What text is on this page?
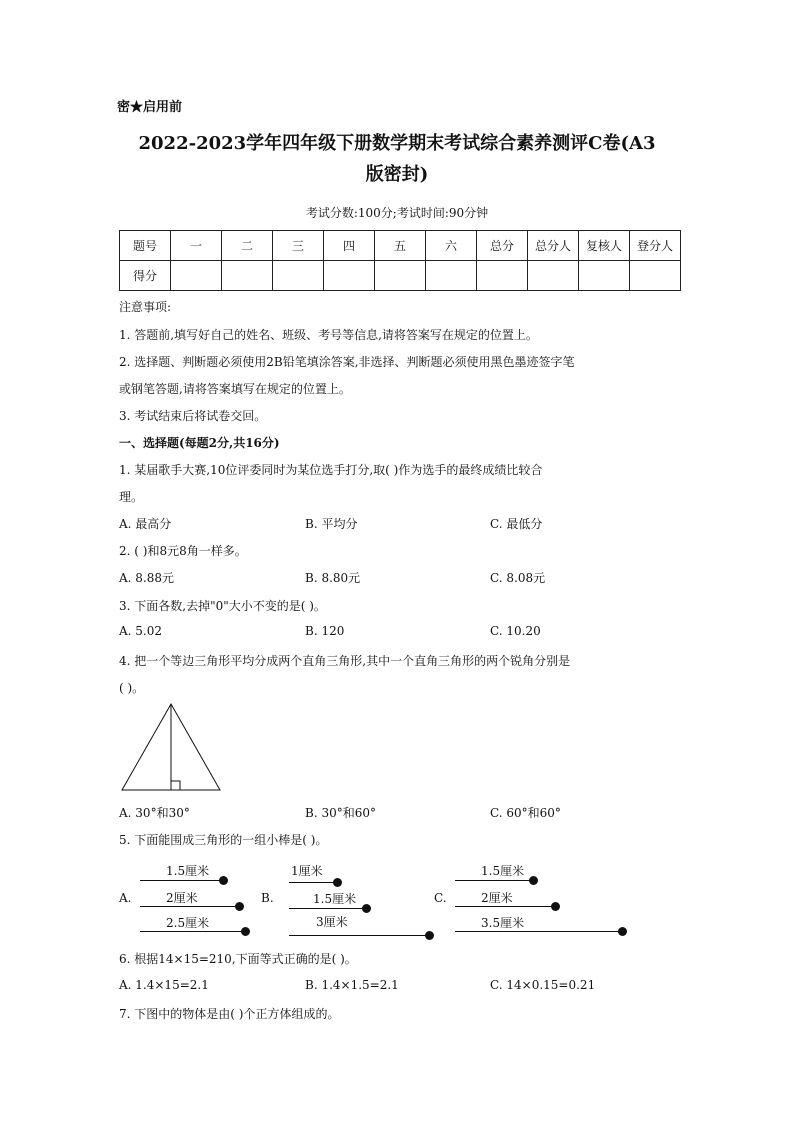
密★启用前
2022-2023学年四年级下册数学期末考试综合素养测评C卷(A3
版密封)
考试分数:100分;考试时间:90分钟
题号	一	二	三	四	五	六	总分	总分人	复核人	登分人
得分										
注意事项:
1. 答题前,填写好自己的姓名、班级、考号等信息,请将答案写在规定的位置上。
2. 选择题、判断题必须使用2B铅笔填涂答案,非选择、判断题必须使用黑色墨迹签字笔
或钢笔答题,请将答案填写在规定的位置上。
3. 考试结束后将试卷交回。
一、选择题(每题2分,共16分)
1. 某届歌手大赛,10位评委同时为某位选手打分,取( )作为选手的最终成绩比较合
理。
A. 最高分	B. 平均分	C. 最低分
2. ( )和8元8角一样多。
A. 8.88元	B. 8.80元	C. 8.08元
3. 下面各数,去掉"0"大小不变的是( )。
A. 5.02	B. 120	C. 10.20
4. 把一个等边三角形平均分成两个直角三角形,其中一个直角三角形的两个锐角分别是
( )。
A. 30°和30°	B. 30°和60°	C. 60°和60°
5. 下面能围成三角形的一组小棒是( )。
A.
1.5厘米
2厘米
2.5厘米
B.
1厘米
1.5厘米
3厘米
C.
1.5厘米
2厘米
3.5厘米
6. 根据14×15=210,下面等式正确的是( )。
A. 1.4×15=2.1	B. 1.4×1.5=2.1	C. 14×0.15=0.21
7. 下图中的物体是由( )个正方体组成的。
